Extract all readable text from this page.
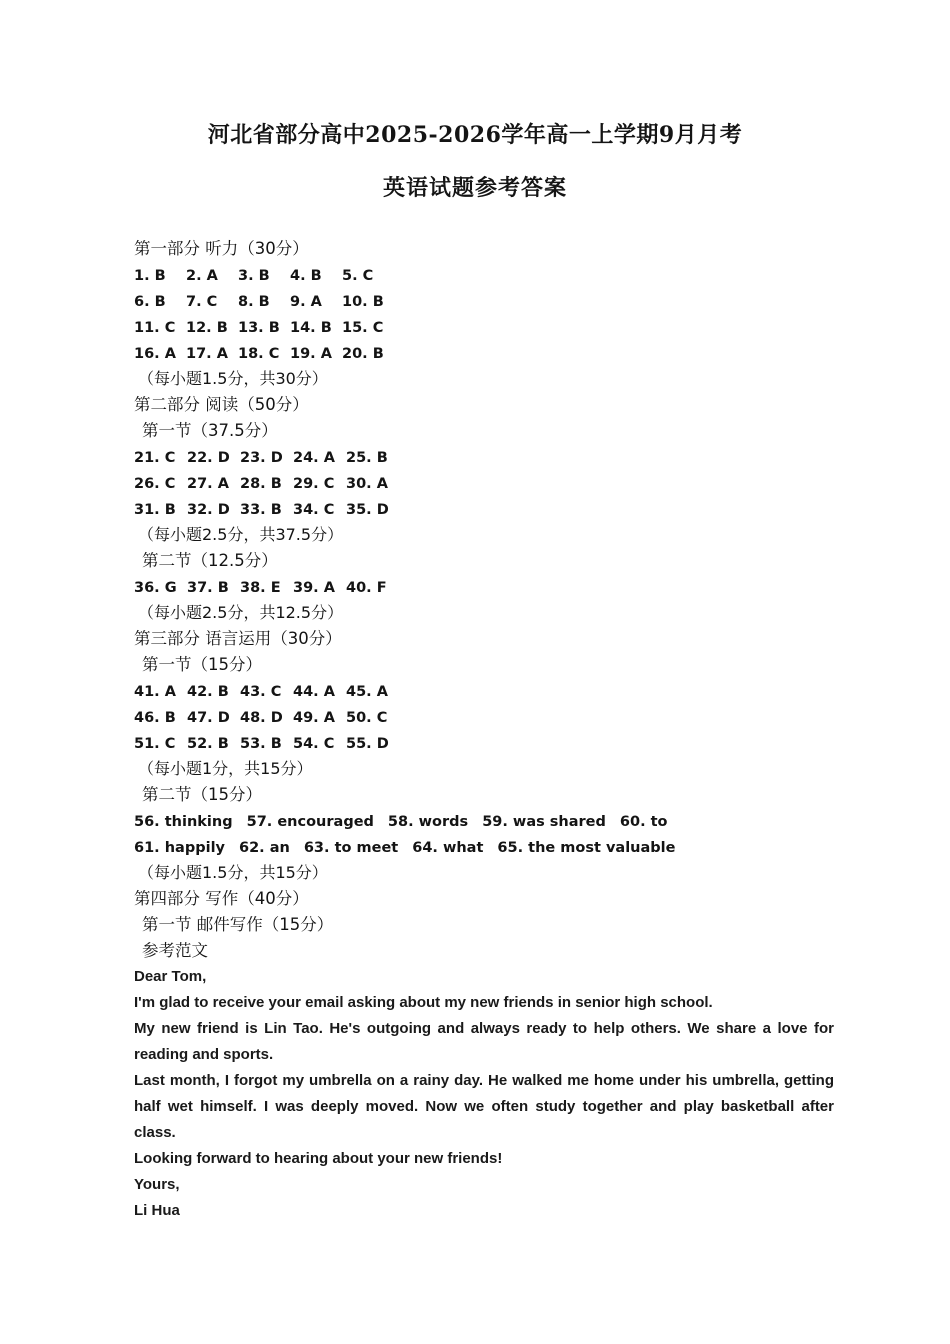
河北省部分高中2025-2026学年高一上学期9月月考
英语试题参考答案
第一部分 听力（30分）
1. B 2. A 3. B 4. B 5. C
6. B 7. C 8. B 9. A 10. B
11. C 12. B 13. B 14. B 15. C
16. A 17. A 18. C 19. A 20. B
（每小题1.5分，共30分）
第二部分 阅读（50分）
第一节（37.5分）
21. C 22. D 23. D 24. A 25. B
26. C 27. A 28. B 29. C 30. A
31. B 32. D 33. B 34. C 35. D
（每小题2.5分，共37.5分）
第二节（12.5分）
36. G 37. B 38. E 39. A 40. F
（每小题2.5分，共12.5分）
第三部分 语言运用（30分）
第一节（15分）
41. A 42. B 43. C 44. A 45. A
46. B 47. D 48. D 49. A 50. C
51. C 52. B 53. B 54. C 55. D
（每小题1分，共15分）
第二节（15分）
56. thinking 57. encouraged 58. words 59. was shared 60. to
61. happily 62. an 63. to meet 64. what 65. the most valuable
（每小题1.5分，共15分）
第四部分 写作（40分）
第一节 邮件写作（15分）
参考范文

Dear Tom,

I'm glad to receive your email asking about my new friends in senior high school.

My new friend is Lin Tao. He's outgoing and always ready to help others. We share a love for reading and sports.

Last month, I forgot my umbrella on a rainy day. He walked me home under his umbrella, getting half wet himself. I was deeply moved. Now we often study together and play basketball after class.

Looking forward to hearing about your new friends!

Yours,

Li Hua
